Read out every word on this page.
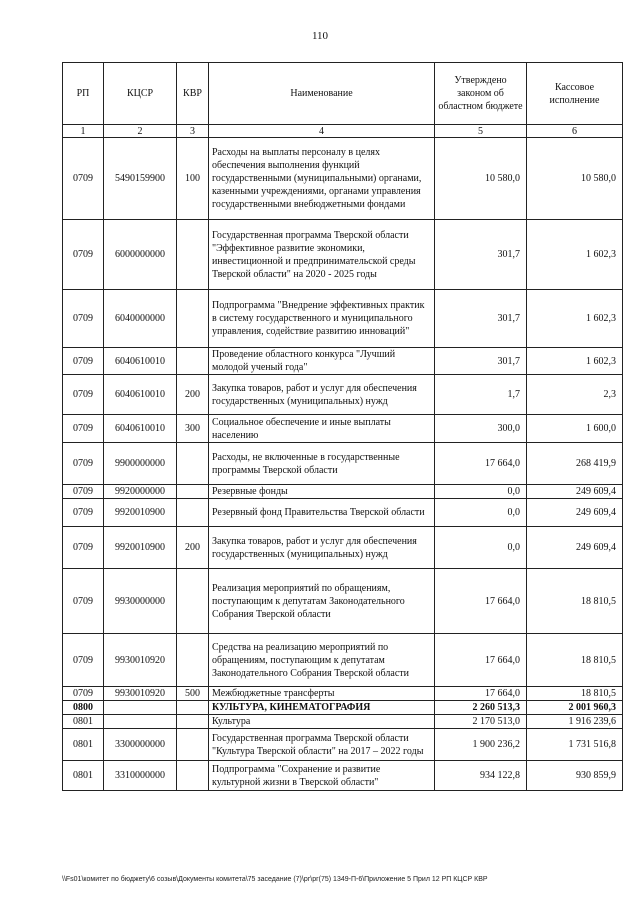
110
РП	КЦСР	КВР	Наименование	Утверждено законом об областном бюджете	Кассовое исполнение
1	2	3	4	5	6
0709	5490159900	100	Расходы на выплаты персоналу в целях обеспечения выполнения функций государственными (муниципальными) органами, казенными учреждениями, органами управления государственными внебюджетными фондами	10 580,0	10 580,0
0709	6000000000		Государственная программа Тверской области "Эффективное развитие экономики, инвестиционной и предпринимательской среды Тверской области" на 2020 - 2025 годы	301,7	1 602,3
0709	6040000000		Подпрограмма "Внедрение эффективных практик в систему государственного и муниципального управления, содействие развитию инноваций"	301,7	1 602,3
0709	6040610010		Проведение областного конкурса "Лучший молодой ученый года"	301,7	1 602,3
0709	6040610010	200	Закупка товаров, работ и услуг для обеспечения государственных (муниципальных) нужд	1,7	2,3
0709	6040610010	300	Социальное обеспечение и иные выплаты населению	300,0	1 600,0
0709	9900000000		Расходы, не включенные в государственные программы Тверской области	17 664,0	268 419,9
0709	9920000000		Резервные фонды	0,0	249 609,4
0709	9920010900		Резервный фонд Правительства Тверской области	0,0	249 609,4
0709	9920010900	200	Закупка товаров, работ и услуг для обеспечения государственных (муниципальных) нужд	0,0	249 609,4
0709	9930000000		Реализация мероприятий по обращениям, поступающим к депутатам Законодательного Собрания Тверской области	17 664,0	18 810,5
0709	9930010920		Средства на реализацию мероприятий по обращениям, поступающим к депутатам Законодательного Собрания Тверской области	17 664,0	18 810,5
0709	9930010920	500	Межбюджетные трансферты	17 664,0	18 810,5
0800			КУЛЬТУРА, КИНЕМАТОГРАФИЯ	2 260 513,3	2 001 960,3
0801			Культура	2 170 513,0	1 916 239,6
0801	3300000000		Государственная программа Тверской области "Культура Тверской области" на 2017 – 2022 годы	1 900 236,2	1 731 516,8
0801	3310000000		Подпрограмма "Сохранение и развитие культурной жизни в Тверской области"	934 122,8	930 859,9
\\Fs01\комитет по бюджету\6 созыв\Документы комитета\75 заседание (7)\рг\рг(75) 1349-П-6\Приложение 5 Прил 12 РП КЦСР КВР
